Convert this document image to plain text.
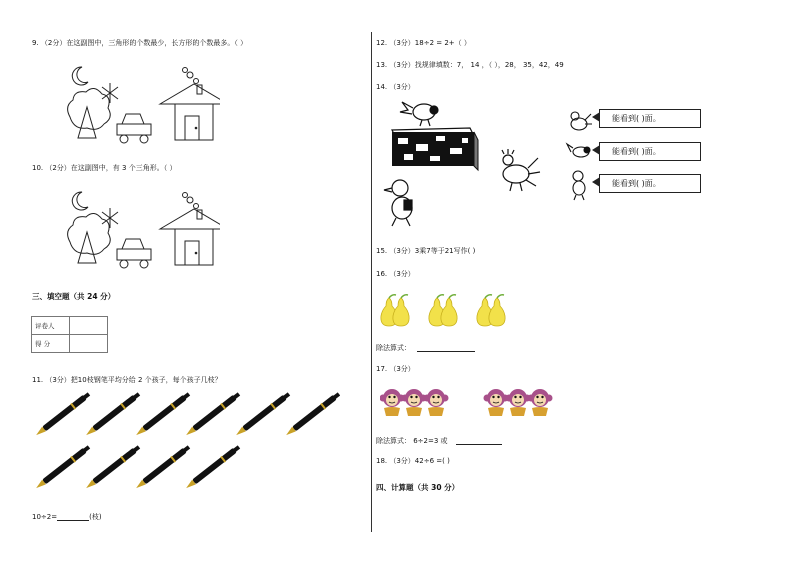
9. （2分）在这副图中，三角形的个数最少，长方形的个数最多。（ ）
10. （2分）在这副图中，有 3 个三角形。（ ）
三、填空题（共 24 分）
评卷人	
得 分	
11. （3分）把10枝钢笔平均分给 2 个孩子，每个孩子几枝？
10÷2=	(枝)
12. （3分）18÷2 = 2+（ ）
13. （3分）找规律填数：7， 14 ，（ ），28， 35，42，49
14. （3分）
能看到( )面。
能看到( )面。
能看到( )面。
15. （3分）3乘7等于21写作( )
16. （3分）
除法算式：
17. （3分）
除法算式： 6÷2=3 或
18. （3分）42÷6 =( )
四、计算题（共 30 分）
